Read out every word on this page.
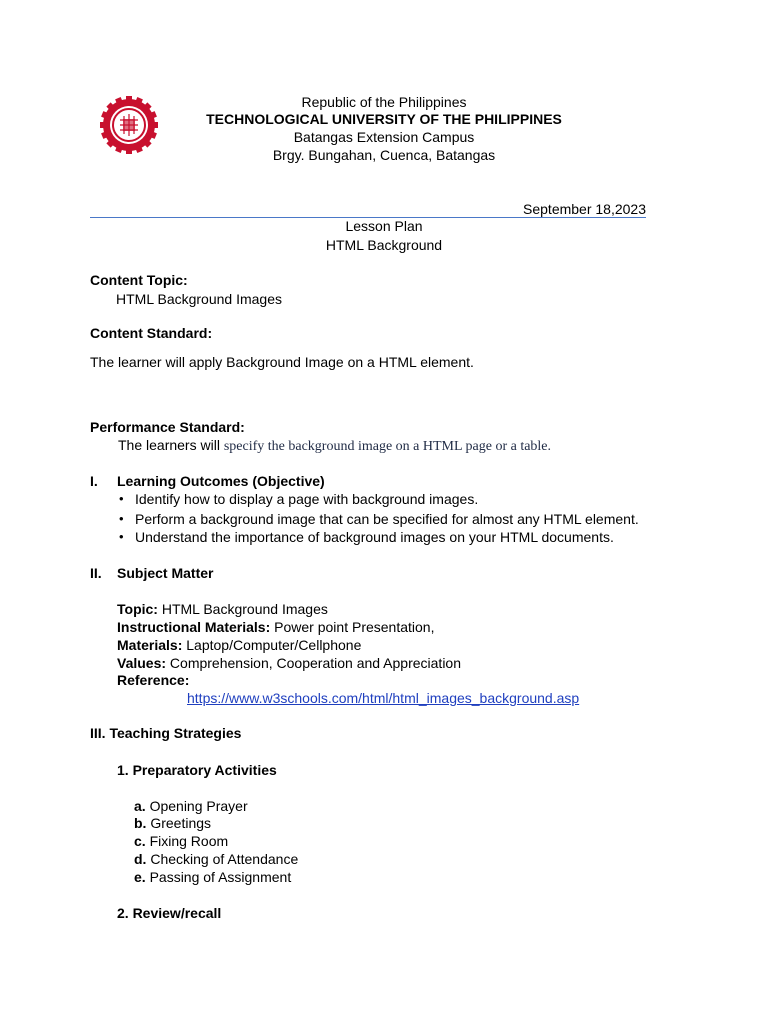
Republic of the Philippines
TECHNOLOGICAL UNIVERSITY OF THE PHILIPPINES
Batangas Extension Campus
Brgy. Bungahan, Cuenca, Batangas
September 18,2023
Lesson Plan
HTML Background
Content Topic:
HTML Background Images
Content Standard:
The learner will apply Background Image on a HTML element.
Performance Standard:
The learners will specify the background image on a HTML page or a table.
I. Learning Outcomes (Objective)
• Identify how to display a page with background images.
• Perform a background image that can be specified for almost any HTML element.
• Understand the importance of background images on your HTML documents.
II. Subject Matter
Topic: HTML Background Images
Instructional Materials: Power point Presentation,
Materials: Laptop/Computer/Cellphone
Values: Comprehension, Cooperation and Appreciation
Reference:
https://www.w3schools.com/html/html_images_background.asp
III. Teaching Strategies
1. Preparatory Activities
a. Opening Prayer
b. Greetings
c. Fixing Room
d. Checking of Attendance
e. Passing of Assignment
2. Review/recall
